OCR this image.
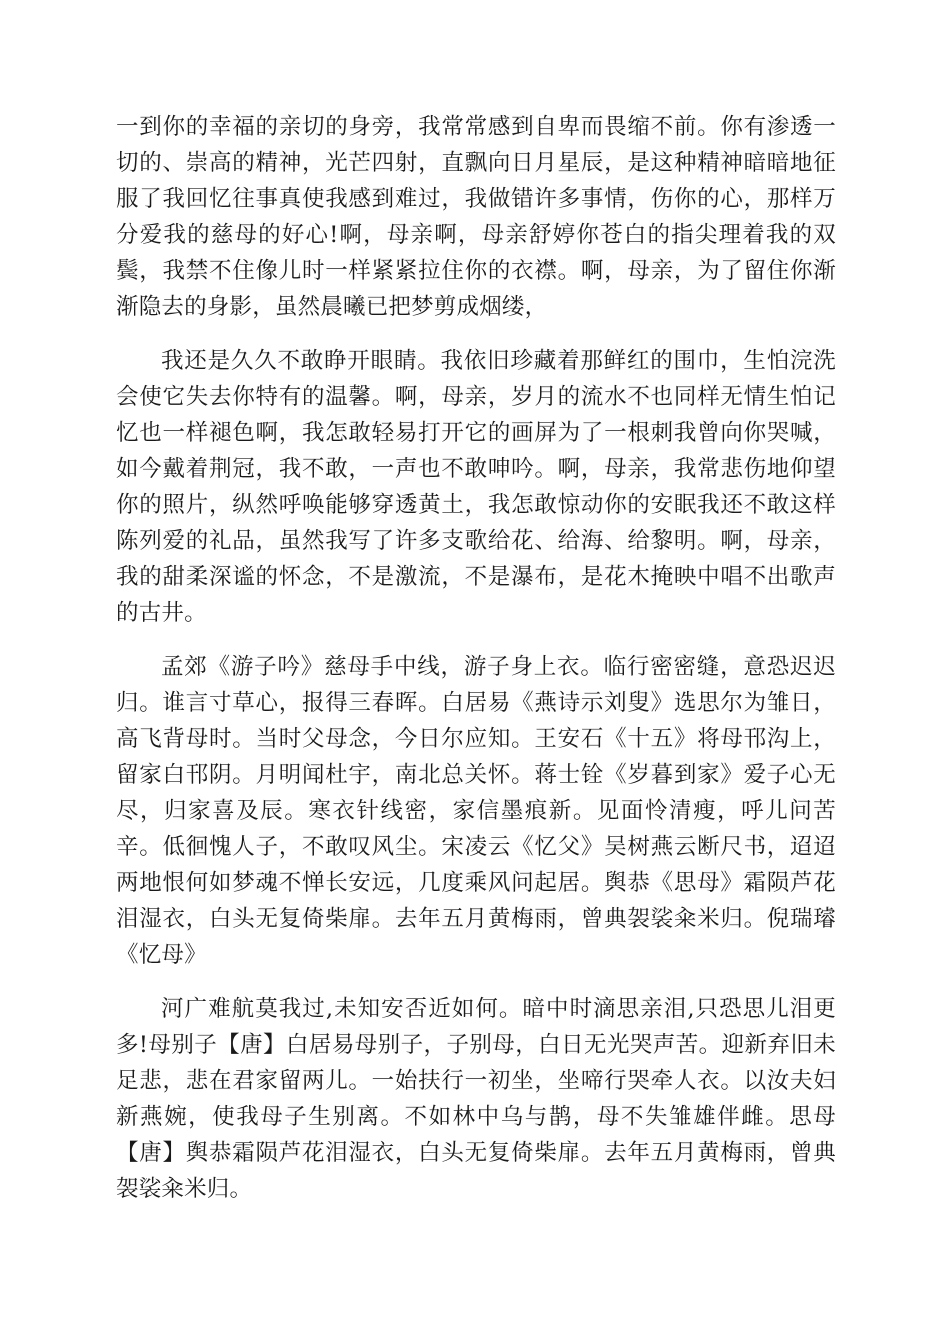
一到你的幸福的亲切的身旁，我常常感到自卑而畏缩不前。你有渗透一切的、崇高的精神，光芒四射，直飘向日月星辰，是这种精神暗暗地征服了我回忆往事真使我感到难过，我做错许多事情，伤你的心，那样万分爱我的慈母的好心!啊，母亲啊，母亲舒婷你苍白的指尖理着我的双鬓，我禁不住像儿时一样紧紧拉住你的衣襟。啊，母亲，为了留住你渐渐隐去的身影，虽然晨曦已把梦剪成烟缕，

我还是久久不敢睁开眼睛。我依旧珍藏着那鲜红的围巾，生怕浣洗会使它失去你特有的温馨。啊，母亲，岁月的流水不也同样无情生怕记忆也一样褪色啊，我怎敢轻易打开它的画屏为了一根刺我曾向你哭喊，如今戴着荆冠，我不敢，一声也不敢呻吟。啊，母亲，我常悲伤地仰望你的照片，纵然呼唤能够穿透黄土，我怎敢惊动你的安眠我还不敢这样陈列爱的礼品，虽然我写了许多支歌给花、给海、给黎明。啊，母亲，我的甜柔深谧的怀念，不是激流，不是瀑布，是花木掩映中唱不出歌声的古井。

孟郊《游子吟》慈母手中线，游子身上衣。临行密密缝，意恐迟迟归。谁言寸草心，报得三春晖。白居易《燕诗示刘叟》选思尔为雏日，高飞背母时。当时父母念，今日尔应知。王安石《十五》将母邗沟上，留家白邗阴。月明闻杜宇，南北总关怀。蒋士铨《岁暮到家》爱子心无尽，归家喜及辰。寒衣针线密，家信墨痕新。见面怜清瘦，呼儿问苦辛。低徊愧人子，不敢叹风尘。宋凌云《忆父》吴树燕云断尺书，迢迢两地恨何如梦魂不惮长安远，几度乘风问起居。舆恭《思母》霜陨芦花泪湿衣，白头无复倚柴扉。去年五月黄梅雨，曾典袈裟籴米归。倪瑞璿《忆母》

河广难航莫我过,未知安否近如何。暗中时滴思亲泪,只恐思儿泪更多!母别子【唐】白居易母别子，子别母，白日无光哭声苦。迎新弃旧未足悲，悲在君家留两儿。一始扶行一初坐，坐啼行哭牵人衣。以汝夫妇新燕婉，使我母子生别离。不如林中乌与鹊，母不失雏雄伴雌。思母【唐】舆恭霜陨芦花泪湿衣，白头无复倚柴扉。去年五月黄梅雨，曾典袈裟籴米归。
